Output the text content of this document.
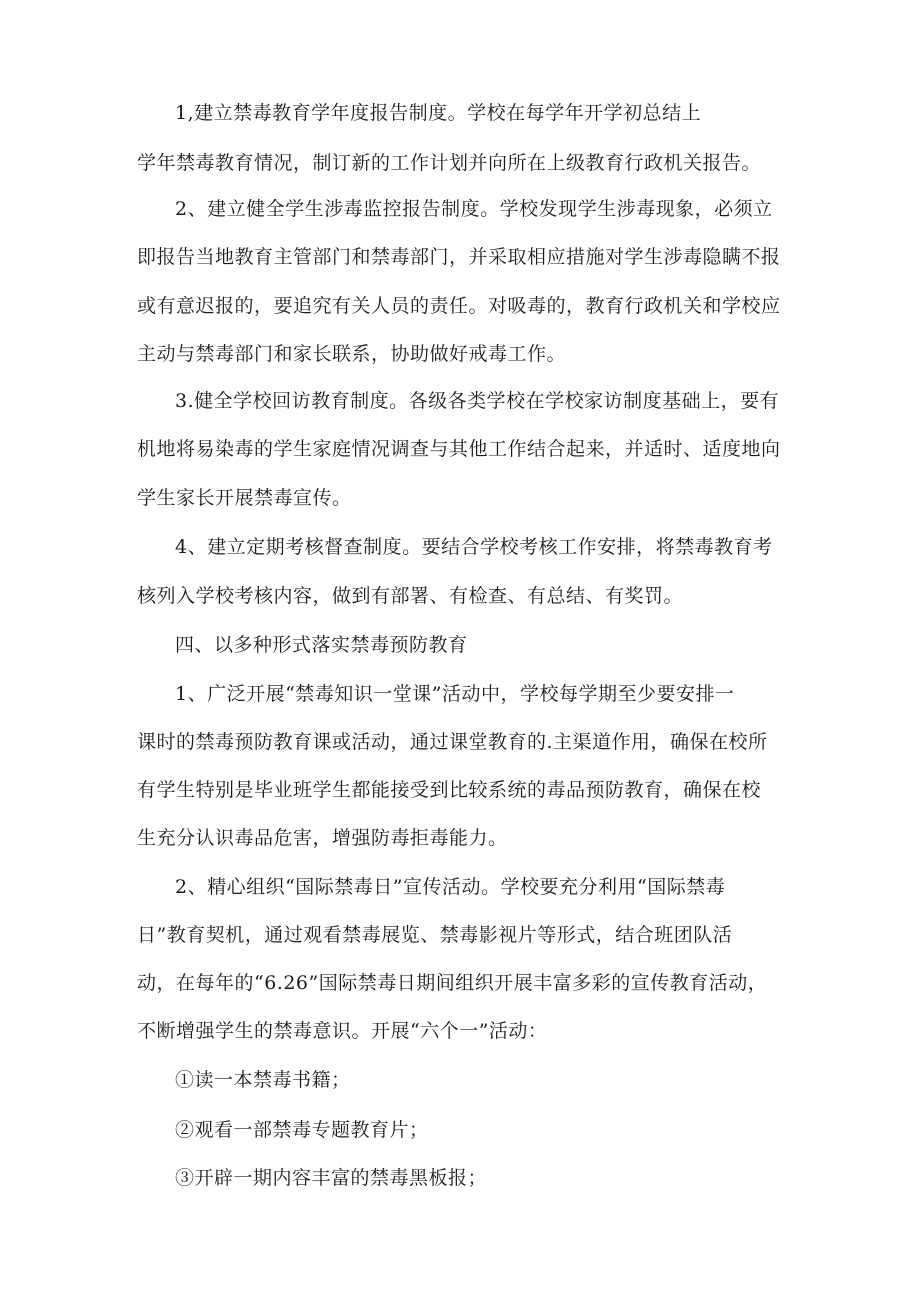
1,建立禁毒教育学年度报告制度。学校在每学年开学初总结上
学年禁毒教育情况，制订新的工作计划并向所在上级教育行政机关报告。
2、建立健全学生涉毒监控报告制度。学校发现学生涉毒现象，必须立
即报告当地教育主管部门和禁毒部门，并采取相应措施对学生涉毒隐瞒不报
或有意迟报的，要追究有关人员的责任。对吸毒的，教育行政机关和学校应
主动与禁毒部门和家长联系，协助做好戒毒工作。
3.健全学校回访教育制度。各级各类学校在学校家访制度基础上，要有
机地将易染毒的学生家庭情况调查与其他工作结合起来，并适时、适度地向
学生家长开展禁毒宣传。
4、建立定期考核督查制度。要结合学校考核工作安排，将禁毒教育考
核列入学校考核内容，做到有部署、有检查、有总结、有奖罚。
四、以多种形式落实禁毒预防教育
1、广泛开展“禁毒知识一堂课”活动中，学校每学期至少要安排一
课时的禁毒预防教育课或活动，通过课堂教育的.主渠道作用，确保在校所
有学生特别是毕业班学生都能接受到比较系统的毒品预防教育，确保在校
生充分认识毒品危害，增强防毒拒毒能力。
2、精心组织“国际禁毒日”宣传活动。学校要充分利用“国际禁毒
日”教育契机，通过观看禁毒展览、禁毒影视片等形式，结合班团队活
动，在每年的“6.26”国际禁毒日期间组织开展丰富多彩的宣传教育活动，
不断增强学生的禁毒意识。开展“六个一”活动：
①读一本禁毒书籍；
②观看一部禁毒专题教育片；
③开辟一期内容丰富的禁毒黑板报；
